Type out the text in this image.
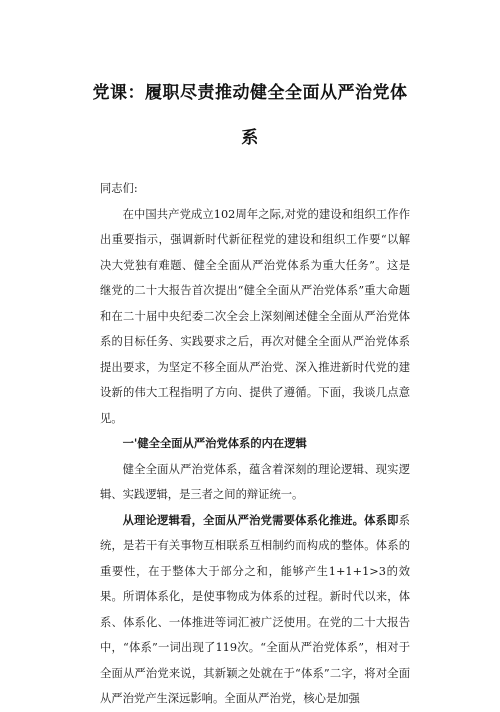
党课：履职尽责推动健全全面从严治党体
系

同志们:

在中国共产党成立102周年之际,对党的建设和组织工作作出重要指示，强调新时代新征程党的建设和组织工作要“以解决大党独有难题、健全全面从严治党体系为重大任务”。这是继党的二十大报告首次提出“健全全面从严治党体系”重大命题和在二十届中央纪委二次全会上深刻阐述健全全面从严治党体系的目标任务、实践要求之后，再次对健全全面从严治党体系提出要求，为坚定不移全面从严治党、深入推进新时代党的建设新的伟大工程指明了方向、提供了遵循。下面，我谈几点意见。

一'健全全面从严治党体系的内在逻辑

健全全面从严治党体系，蕴含着深刻的理论逻辑、现实逻辑、实践逻辑，是三者之间的辩证统一。

从理论逻辑看，全面从严治党需要体系化推进。体系即系统，是若干有关事物互相联系互相制约而构成的整体。体系的重要性，在于整体大于部分之和，能够产生1+1+1>3的效果。所谓体系化，是使事物成为体系的过程。新时代以来，体系、体系化、一体推进等词汇被广泛使用。在党的二十大报告中，“体系”一词出现了119次。“全面从严治党体系”，相对于全面从严治党来说，其新颖之处就在于“体系”二字，将对全面从严治党产生深远影响。全面从严治党，核心是加强
